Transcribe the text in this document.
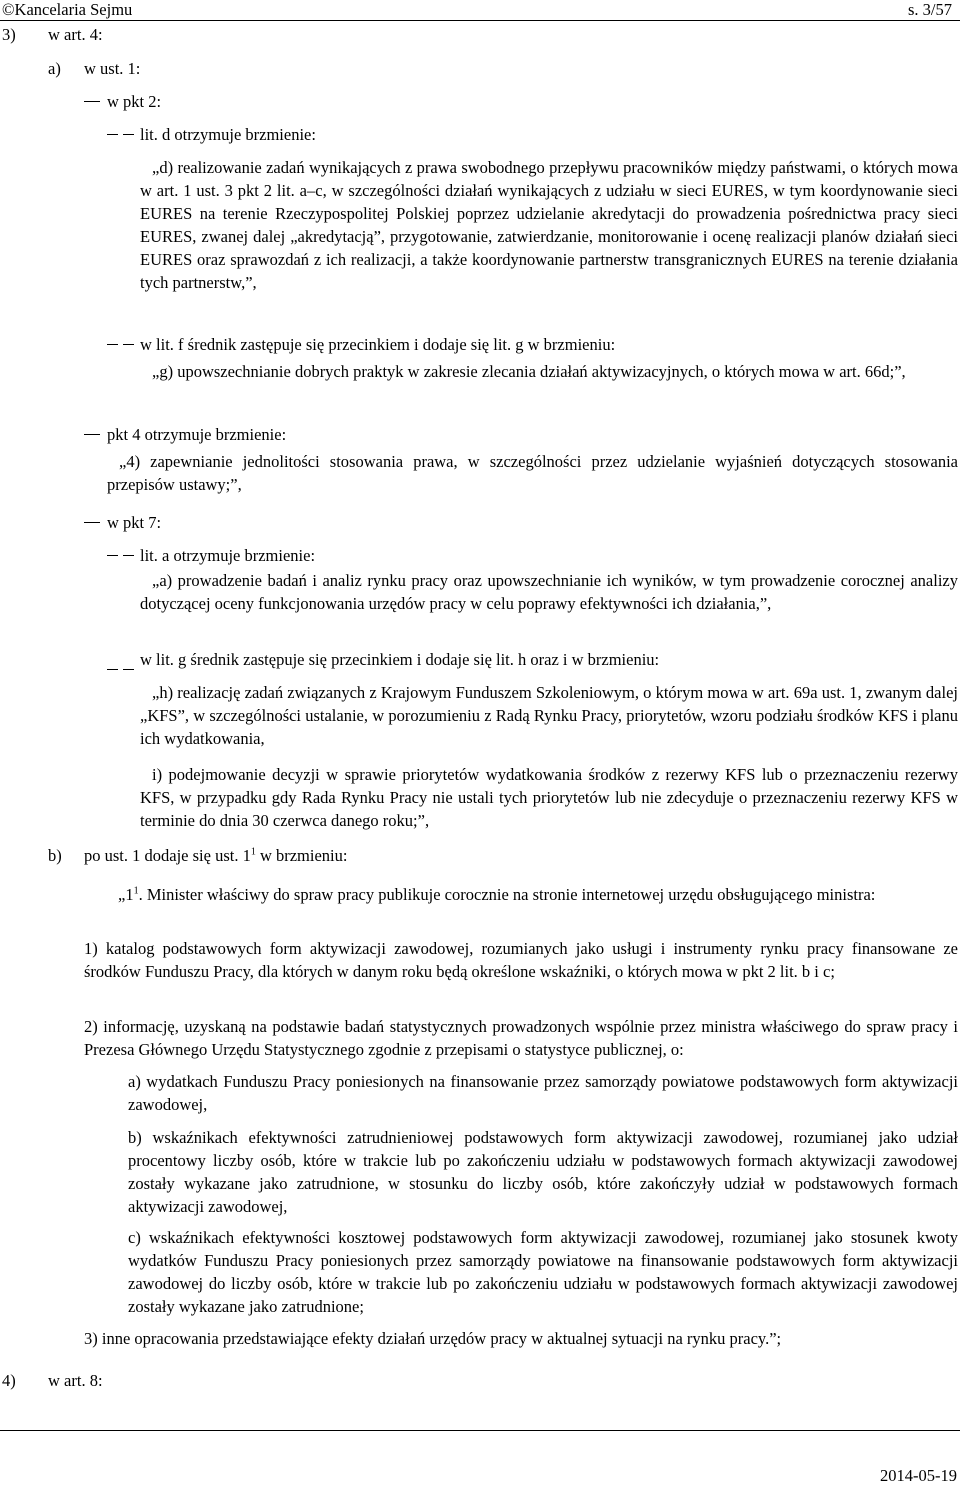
©Kancelaria Sejmu	s. 3/57
3) w art. 4:
a) w ust. 1:
w pkt 2:
lit. d otrzymuje brzmienie:
„d) realizowanie zadań wynikających z prawa swobodnego przepływu pracowników między państwami, o których mowa w art. 1 ust. 3 pkt 2 lit. a–c, w szczególności działań wynikających z udziału w sieci EURES, w tym koordynowanie sieci EURES na terenie Rzeczypospolitej Polskiej poprzez udzielanie akredytacji do prowadzenia pośrednictwa pracy sieci EURES, zwanej dalej „akredytacją”, przygotowanie, zatwierdzanie, monitorowanie i ocenę realizacji planów działań sieci EURES oraz sprawozdań z ich realizacji, a także koordynowanie partnerstw transgranicznych EURES na terenie działania tych partnerstw,”,
w lit. f średnik zastępuje się przecinkiem i dodaje się lit. g w brzmieniu:
„g) upowszechnianie dobrych praktyk w zakresie zlecania działań aktywizacyjnych, o których mowa w art. 66d;”,
pkt 4 otrzymuje brzmienie:
„4) zapewnianie jednolitości stosowania prawa, w szczególności przez udzielanie wyjaśnień dotyczących stosowania przepisów ustawy;”,
w pkt 7:
lit. a otrzymuje brzmienie:
„a) prowadzenie badań i analiz rynku pracy oraz upowszechnianie ich wyników, w tym prowadzenie corocznej analizy dotyczącej oceny funkcjonowania urzędów pracy w celu poprawy efektywności ich działania,”,
w lit. g średnik zastępuje się przecinkiem i dodaje się lit. h oraz i w brzmieniu:
„h) realizację zadań związanych z Krajowym Funduszem Szkoleniowym, o którym mowa w art. 69a ust. 1, zwanym dalej „KFS”, w szczególności ustalanie, w porozumieniu z Radą Rynku Pracy, priorytetów, wzoru podziału środków KFS i planu ich wydatkowania,
i) podejmowanie decyzji w sprawie priorytetów wydatkowania środków z rezerwy KFS lub o przeznaczeniu rezerwy KFS, w przypadku gdy Rada Rynku Pracy nie ustali tych priorytetów lub nie zdecyduje o przeznaczeniu rezerwy KFS w terminie do dnia 30 czerwca danego roku;”,
b) po ust. 1 dodaje się ust. $1^1$ w brzmieniu:
$„1^1$. Minister właściwy do spraw pracy publikuje corocznie na stronie internetowej urzędu obsługującego ministra:
1) katalog podstawowych form aktywizacji zawodowej, rozumianych jako usługi i instrumenty rynku pracy finansowane ze środków Funduszu Pracy, dla których w danym roku będą określone wskaźniki, o których mowa w pkt 2 lit. b i c;
2) informację, uzyskaną na podstawie badań statystycznych prowadzonych wspólnie przez ministra właściwego do spraw pracy i Prezesa Głównego Urzędu Statystycznego zgodnie z przepisami o statystyce publicznej, o:
a) wydatkach Funduszu Pracy poniesionych na finansowanie przez samorządy powiatowe podstawowych form aktywizacji zawodowej,
b) wskaźnikach efektywności zatrudnieniowej podstawowych form aktywizacji zawodowej, rozumianej jako udział procentowy liczby osób, które w trakcie lub po zakończeniu udziału w podstawowych formach aktywizacji zawodowej zostały wykazane jako zatrudnione, w stosunku do liczby osób, które zakończyły udział w podstawowych formach aktywizacji zawodowej,
c) wskaźnikach efektywności kosztowej podstawowych form aktywizacji zawodowej, rozumianej jako stosunek kwoty wydatków Funduszu Pracy poniesionych przez samorządy powiatowe na finansowanie podstawowych form aktywizacji zawodowej do liczby osób, które w trakcie lub po zakończeniu udziału w podstawowych formach aktywizacji zawodowej zostały wykazane jako zatrudnione;
3) inne opracowania przedstawiające efekty działań urzędów pracy w aktualnej sytuacji na rynku pracy.”;
4) w art. 8:
2014-05-19
